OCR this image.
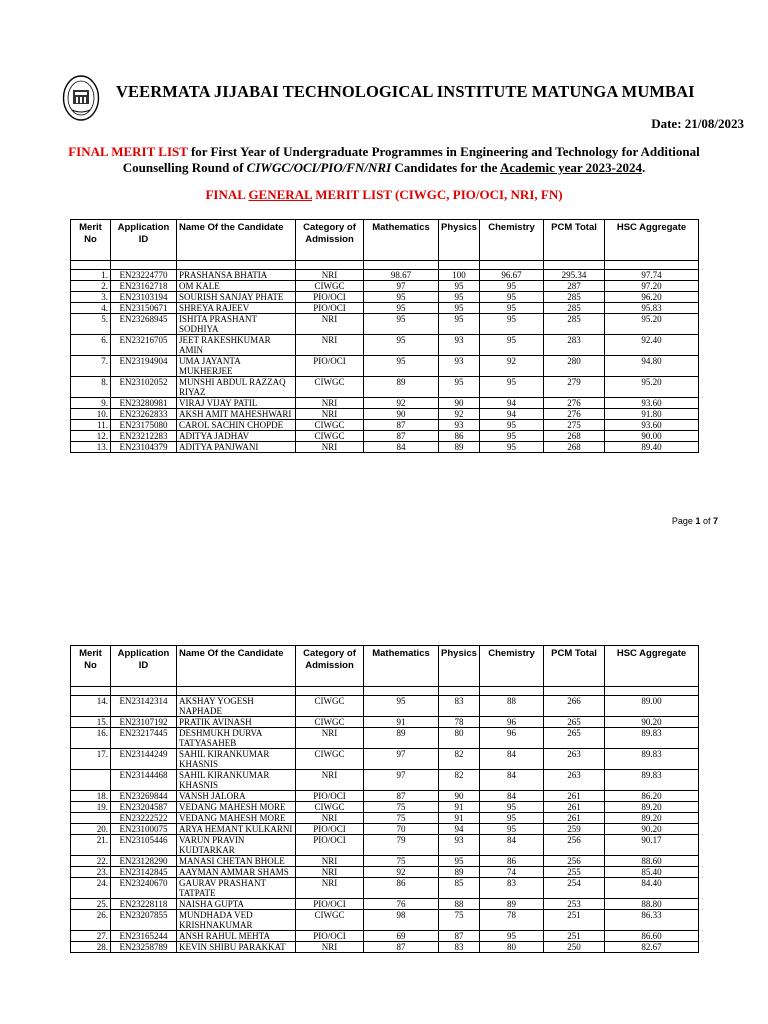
VEERMATA JIJABAI TECHNOLOGICAL INSTITUTE MATUNGA MUMBAI
Date: 21/08/2023
FINAL MERIT LIST for First Year of Undergraduate Programmes in Engineering and Technology for Additional Counselling Round of CIWGC/OCI/PIO/FN/NRI Candidates for the Academic year 2023-2024.
FINAL GENERAL MERIT LIST (CIWGC, PIO/OCI, NRI, FN)
Merit No	Application ID	Name Of the Candidate	Category of Admission	Mathematics	Physics	Chemistry	PCM Total	HSC Aggregate

1.	EN23224770	PRASHANSA BHATIA	NRI	98.67	100	96.67	295.34	97.74
2.	EN23162718	OM KALE	CIWGC	97	95	95	287	97.20
3.	EN23103194	SOURISH SANJAY PHATE	PIO/OCI	95	95	95	285	96.20
4.	EN23150671	SHREYA RAJEEV	PIO/OCI	95	95	95	285	95.83
5.	EN23268945	ISHITA PRASHANT SODHIYA	NRI	95	95	95	285	95.20
6.	EN23216705	JEET RAKESHKUMAR AMIN	NRI	95	93	95	283	92.40
7.	EN23194904	UMA JAYANTA MUKHERJEE	PIO/OCI	95	93	92	280	94.80
8.	EN23102052	MUNSHI ABDUL RAZZAQ RIYAZ	CIWGC	89	95	95	279	95.20
9.	EN23280981	VIRAJ VIJAY PATIL	NRI	92	90	94	276	93.60
10.	EN23262833	AKSH AMIT MAHESHWARI	NRI	90	92	94	276	91.80
11.	EN23175080	CAROL SACHIN CHOPDE	CIWGC	87	93	95	275	93.60
12.	EN23212283	ADITYA JADHAV	CIWGC	87	86	95	268	90.00
13.	EN23104379	ADITYA PANJWANI	NRI	84	89	95	268	89.40
Page 1 of 7
Merit No	Application ID	Name Of the Candidate	Category of Admission	Mathematics	Physics	Chemistry	PCM Total	HSC Aggregate

14.	EN23142314	AKSHAY YOGESH NAPHADE	CIWGC	95	83	88	266	89.00
15.	EN23107192	PRATIK AVINASH	CIWGC	91	78	96	265	90.20
16.	EN23217445	DESHMUKH DURVA TATYASAHEB	NRI	89	80	96	265	89.83
17.	EN23144249	SAHIL KIRANKUMAR KHASNIS	CIWGC	97	82	84	263	89.83
	EN23144468	SAHIL KIRANKUMAR KHASNIS	NRI	97	82	84	263	89.83
18.	EN23269844	VANSH JALORA	PIO/OCI	87	90	84	261	86.20
19.	EN23204587	VEDANG MAHESH MORE	CIWGC	75	91	95	261	89.20
	EN23222522	VEDANG MAHESH MORE	NRI	75	91	95	261	89.20
20.	EN23100075	ARYA HEMANT KULKARNI	PIO/OCI	70	94	95	259	90.20
21.	EN23105446	VARUN PRAVIN KUDTARKAR	PIO/OCI	79	93	84	256	90.17
22.	EN23128290	MANASI CHETAN BHOLE	NRI	75	95	86	256	88.60
23.	EN23142845	AAYMAN AMMAR SHAMS	NRI	92	89	74	255	85.40
24.	EN23240670	GAURAV PRASHANT TATPATE	NRI	86	85	83	254	84.40
25.	EN23228118	NAISHA GUPTA	PIO/OCI	76	88	89	253	88.80
26.	EN23207855	MUNDHADA VED KRISHNAKUMAR	CIWGC	98	75	78	251	86.33
27.	EN23165244	ANSH RAHUL MEHTA	PIO/OCI	69	87	95	251	86.60
28.	EN23258789	KEVIN SHIBU PARAKKAT	NRI	87	83	80	250	82.67
